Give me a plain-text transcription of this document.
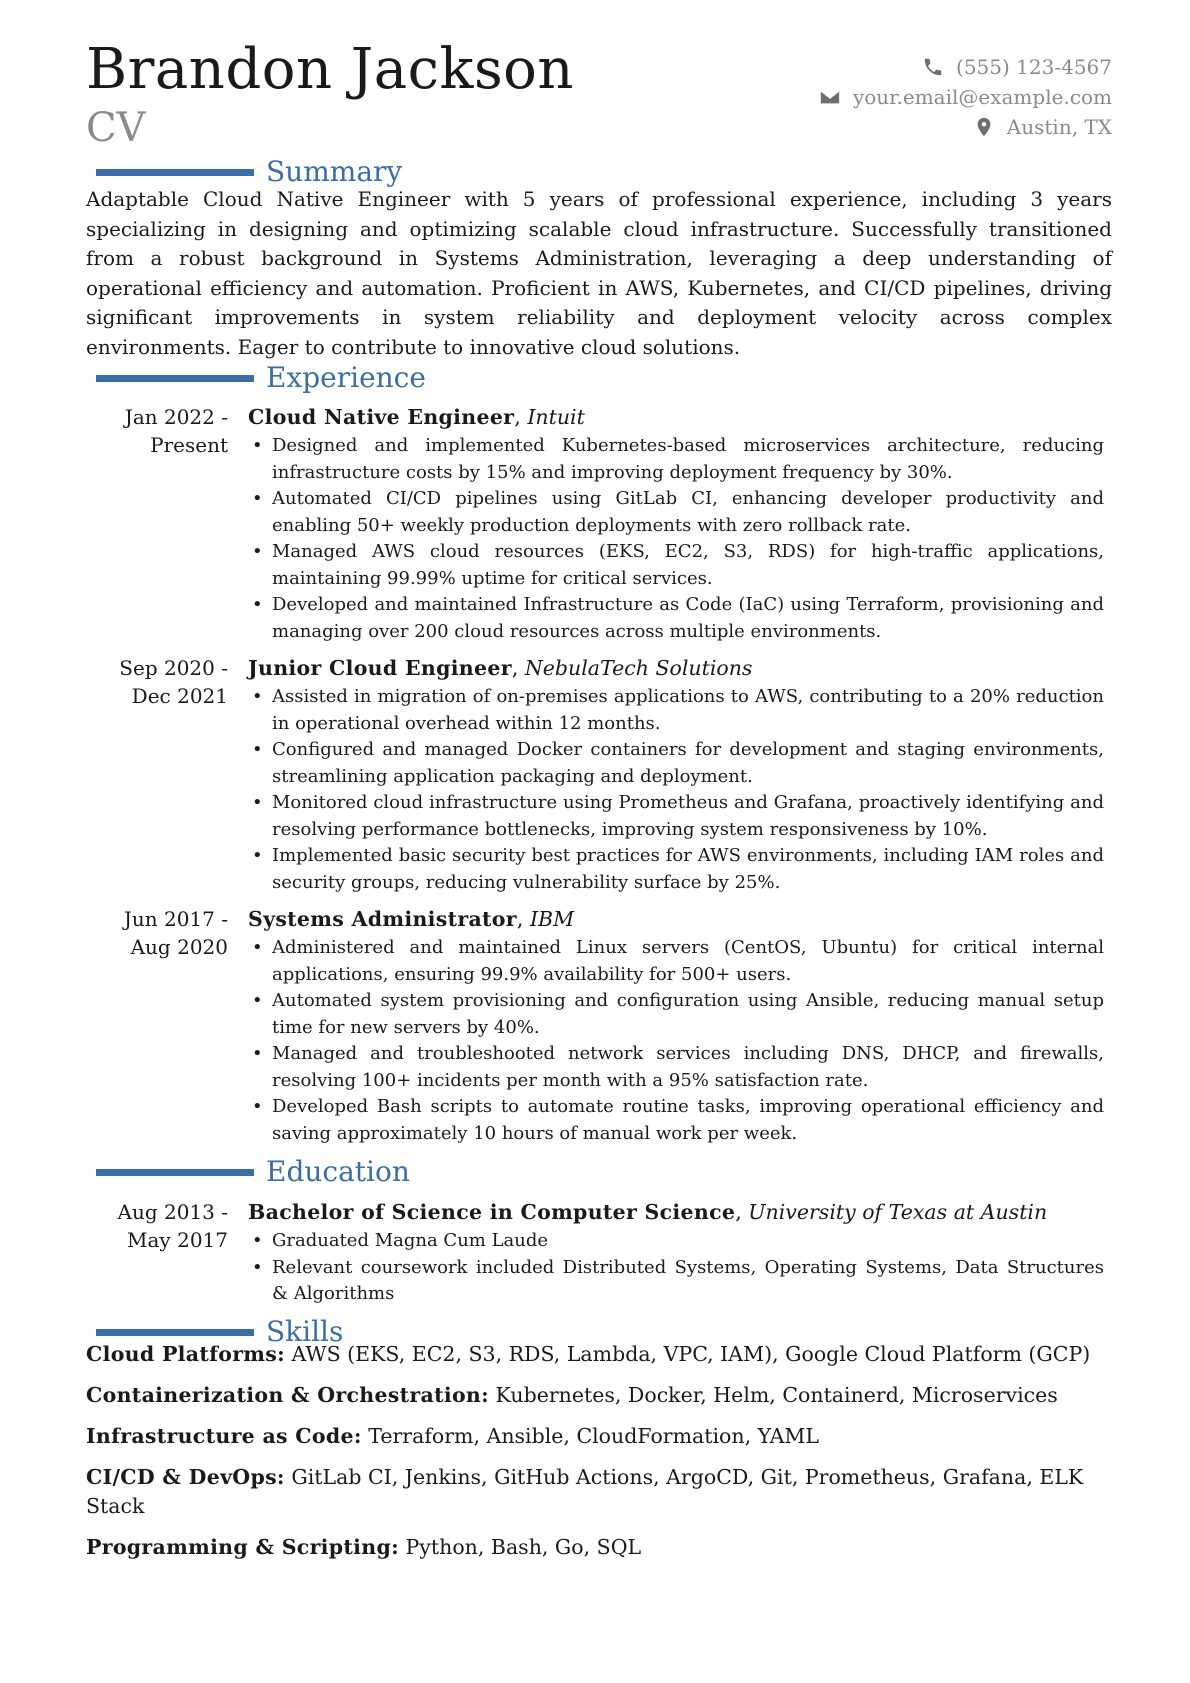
Brandon Jackson
CV
(555) 123-4567
your.email@example.com
Austin, TX
Summary
Adaptable Cloud Native Engineer with 5 years of professional experience, including 3 years specializing in designing and optimizing scalable cloud infrastructure. Successfully transitioned from a robust background in Systems Administration, leveraging a deep understanding of operational efficiency and automation. Proficient in AWS, Kubernetes, and CI/CD pipelines, driving significant improvements in system reliability and deployment velocity across complex environments. Eager to contribute to innovative cloud solutions.
Experience
Jan 2022 - Present
Cloud Native Engineer, Intuit
• Designed and implemented Kubernetes-based microservices architecture, reducing infrastructure costs by 15% and improving deployment frequency by 30%.
• Automated CI/CD pipelines using GitLab CI, enhancing developer productivity and enabling 50+ weekly production deployments with zero rollback rate.
• Managed AWS cloud resources (EKS, EC2, S3, RDS) for high-traffic applications, maintaining 99.99% uptime for critical services.
• Developed and maintained Infrastructure as Code (IaC) using Terraform, provisioning and managing over 200 cloud resources across multiple environments.
Sep 2020 - Dec 2021
Junior Cloud Engineer, NebulaTech Solutions
• Assisted in migration of on-premises applications to AWS, contributing to a 20% reduction in operational overhead within 12 months.
• Configured and managed Docker containers for development and staging environments, streamlining application packaging and deployment.
• Monitored cloud infrastructure using Prometheus and Grafana, proactively identifying and resolving performance bottlenecks, improving system responsiveness by 10%.
• Implemented basic security best practices for AWS environments, including IAM roles and security groups, reducing vulnerability surface by 25%.
Jun 2017 - Aug 2020
Systems Administrator, IBM
• Administered and maintained Linux servers (CentOS, Ubuntu) for critical internal applications, ensuring 99.9% availability for 500+ users.
• Automated system provisioning and configuration using Ansible, reducing manual setup time for new servers by 40%.
• Managed and troubleshooted network services including DNS, DHCP, and firewalls, resolving 100+ incidents per month with a 95% satisfaction rate.
• Developed Bash scripts to automate routine tasks, improving operational efficiency and saving approximately 10 hours of manual work per week.
Education
Aug 2013 - May 2017
Bachelor of Science in Computer Science, University of Texas at Austin
• Graduated Magna Cum Laude
• Relevant coursework included Distributed Systems, Operating Systems, Data Structures & Algorithms
Skills
Cloud Platforms: AWS (EKS, EC2, S3, RDS, Lambda, VPC, IAM), Google Cloud Platform (GCP)
Containerization & Orchestration: Kubernetes, Docker, Helm, Containerd, Microservices
Infrastructure as Code: Terraform, Ansible, CloudFormation, YAML
CI/CD & DevOps: GitLab CI, Jenkins, GitHub Actions, ArgoCD, Git, Prometheus, Grafana, ELK Stack
Programming & Scripting: Python, Bash, Go, SQL
